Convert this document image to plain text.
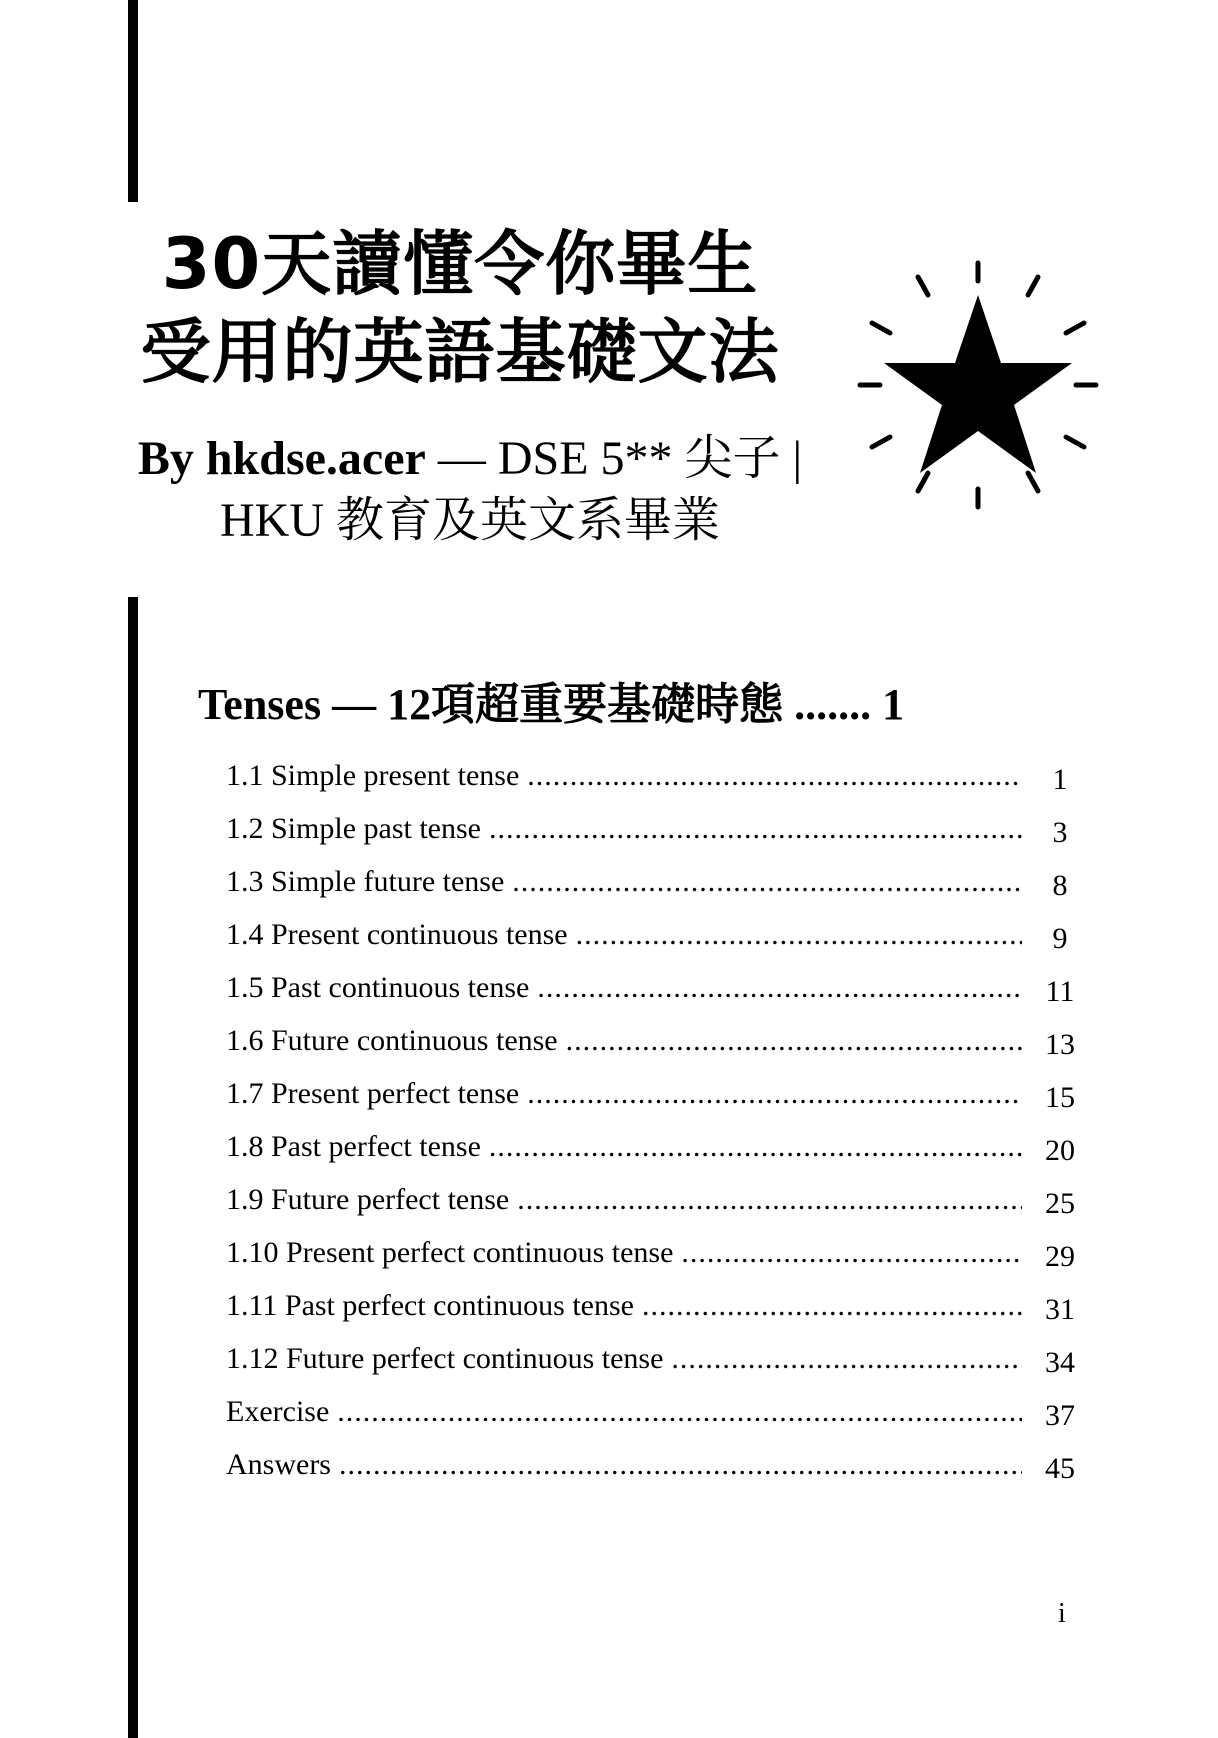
30天讀懂令你畢生
受用的英語基礎文法
By hkdse.acer — DSE 5** 尖子 |
HKU 教育及英文系畢業
Tenses — 12項超重要基礎時態 ....... 1
1.1 Simple present tense .....	1
1.2 Simple past tense .....	3
1.3 Simple future tense .....	8
1.4 Present continuous tense .....	9
1.5 Past continuous tense .....	11
1.6 Future continuous tense .....	13
1.7 Present perfect tense .....	15
1.8 Past perfect tense .....	20
1.9 Future perfect tense .....	25
1.10 Present perfect continuous tense .....	29
1.11 Past perfect continuous tense .....	31
1.12 Future perfect continuous tense .....	34
Exercise .....	37
Answers .....	45
i
